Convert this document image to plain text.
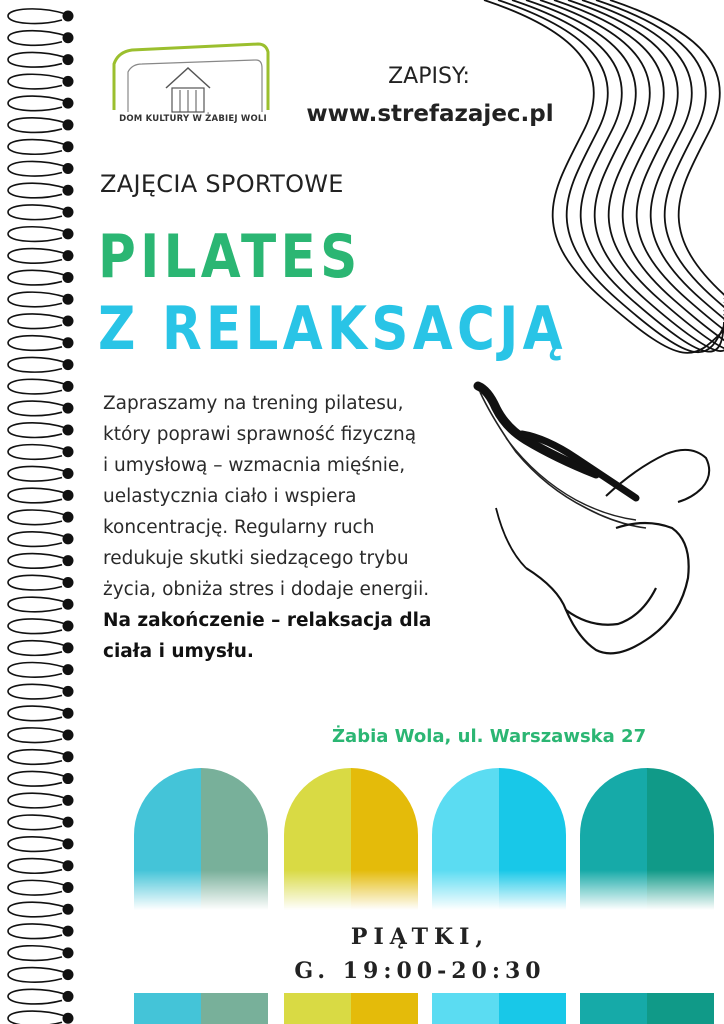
DOM KULTURY W ŻABIEJ WOLI
ZAPISY:
www.strefazajec.pl
ZAJĘCIA SPORTOWE
PILATES
Z RELAKSACJĄ
Zapraszamy na trening pilatesu,
który poprawi sprawność fizyczną
i umysłową – wzmacnia mięśnie,
uelastycznia ciało i wspiera
koncentrację. Regularny ruch
redukuje skutki siedzącego trybu
życia, obniża stres i dodaje energii.
Na zakończenie – relaksacja dla
ciała i umysłu.
Żabia Wola, ul. Warszawska 27
PIĄTKI,
G. 19:00-20:30
